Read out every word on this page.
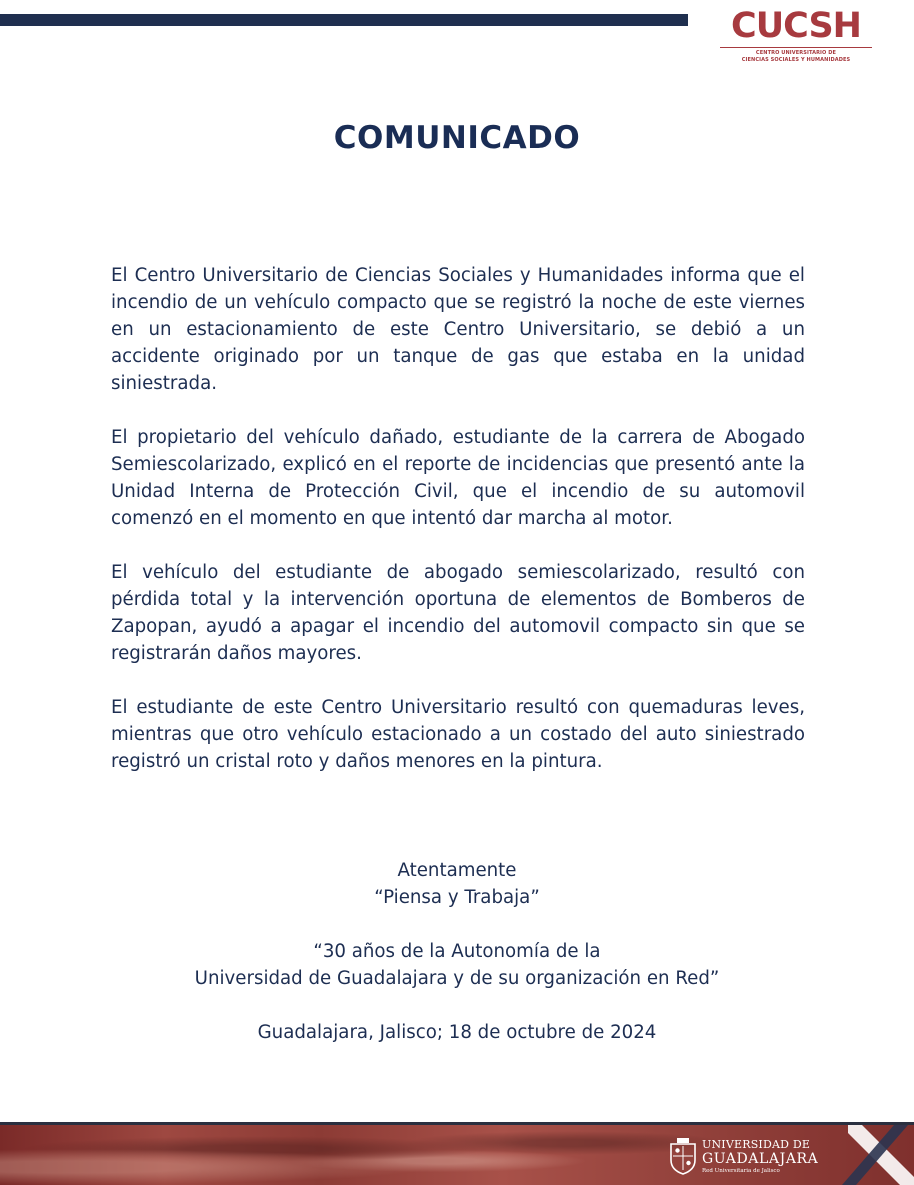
CUCSH
CENTRO UNIVERSITARIO DE
CIENCIAS SOCIALES Y HUMANIDADES
COMUNICADO

El Centro Universitario de Ciencias Sociales y Humanidades informa que el incendio de un vehículo compacto que se registró la noche de este viernes en un estacionamiento de este Centro Universitario, se debió a un accidente originado por un tanque de gas que estaba en la unidad siniestrada.

El propietario del vehículo dañado, estudiante de la carrera de Abogado Semiescolarizado, explicó en el reporte de incidencias que presentó ante la Unidad Interna de Protección Civil, que el incendio de su automovil comenzó en el momento en que intentó dar marcha al motor.

El vehículo del estudiante de abogado semiescolarizado, resultó con pérdida total y la intervención oportuna de elementos de Bomberos de Zapopan, ayudó a apagar el incendio del automovil compacto sin que se registrarán daños mayores.

El estudiante de este Centro Universitario resultó con quemaduras leves, mientras que otro vehículo estacionado a un costado del auto siniestrado registró un cristal roto y daños menores en la pintura.

Atentamente
“Piensa y Trabaja”
“30 años de la Autonomía de la
Universidad de Guadalajara y de su organización en Red”
Guadalajara, Jalisco; 18 de octubre de 2024
UNIVERSIDAD DE
GUADALAJARA
Red Universitaria de Jalisco
